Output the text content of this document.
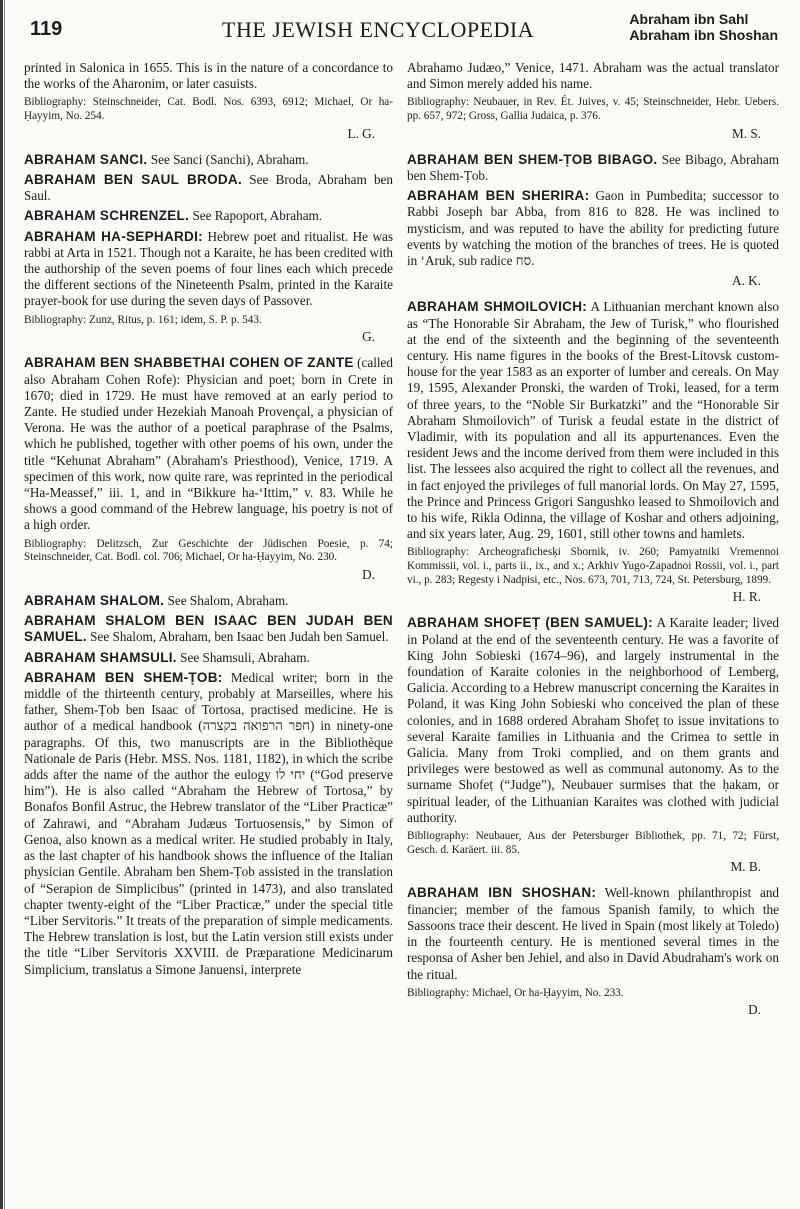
119	THE JEWISH ENCYCLOPEDIA	Abraham ibn Sahl
Abraham ibn Shoshan

printed in Salonica in 1655. This is in the nature of a concordance to the works of the Aharonim, or later casuists.

Bibliography: Steinschneider, Cat. Bodl. Nos. 6393, 6912; Michael, Or ha-Ḥayyim, No. 254.

L. G.

ABRAHAM SANCI. See Sanci (Sanchi), Abraham.

ABRAHAM BEN SAUL BRODA. See Broda, Abraham ben Saul.

ABRAHAM SCHRENZEL. See Rapoport, Abraham.

ABRAHAM HA-SEPHARDI: Hebrew poet and ritualist. He was rabbi at Arta in 1521. Though not a Karaite, he has been credited with the authorship of the seven poems of four lines each which precede the different sections of the Nineteenth Psalm, printed in the Karaite prayer-book for use during the seven days of Passover.

Bibliography: Zunz, Ritus, p. 161; idem, S. P. p. 543.

G.

ABRAHAM BEN SHABBETHAI COHEN OF ZANTE (called also Abraham Cohen Rofe): Physician and poet; born in Crete in 1670; died in 1729. He must have removed at an early period to Zante. He studied under Hezekiah Manoah Provençal, a physician of Verona. He was the author of a poetical paraphrase of the Psalms, which he published, together with other poems of his own, under the title “Kehunat Abraham” (Abraham's Priesthood), Venice, 1719. A specimen of this work, now quite rare, was reprinted in the periodical “Ha-Meassef,” iii. 1, and in “Bikkure ha-‘Ittim,” v. 83. While he shows a good command of the Hebrew language, his poetry is not of a high order.

Bibliography: Delitzsch, Zur Geschichte der Jüdischen Poesie, p. 74; Steinschneider, Cat. Bodl. col. 706; Michael, Or ha-Ḥayyim, No. 230.

D.

ABRAHAM SHALOM. See Shalom, Abraham.

ABRAHAM SHALOM BEN ISAAC BEN JUDAH BEN SAMUEL. See Shalom, Abraham, ben Isaac ben Judah ben Samuel.

ABRAHAM SHAMSULI. See Shamsuli, Abraham.

ABRAHAM BEN SHEM-ṬOB: Medical writer; born in the middle of the thirteenth century, probably at Marseilles, where his father, Shem-Ṭob ben Isaac of Tortosa, practised medicine. He is author of a medical handbook (חפר הרפואה בקצרה) in ninety-one paragraphs. Of this, two manuscripts are in the Bibliothèque Nationale de Paris (Hebr. MSS. Nos. 1181, 1182), in which the scribe adds after the name of the author the eulogy יחי לו (“God preserve him”). He is also called “Abraham the Hebrew of Tortosa,” by Bonafos Bonfil Astruc, the Hebrew translator of the “Liber Practicæ” of Zahrawi, and “Abraham Judæus Tortuosensis,” by Simon of Genoa, also known as a medical writer. He studied probably in Italy, as the last chapter of his handbook shows the influence of the Italian physician Gentile. Abraham ben Shem-Ṭob assisted in the translation of “Serapion de Simplicibus” (printed in 1473), and also translated chapter twenty-eight of the “Liber Practicæ,” under the special title “Liber Servitoris.” It treats of the preparation of simple medicaments. The Hebrew translation is lost, but the Latin version still exists under the title “Liber Servitoris XXVIII. de Præparatione Medicinarum Simplicium, translatus a Simone Januensi, interprete

Abrahamo Judæo,” Venice, 1471. Abraham was the actual translator and Simon merely added his name.

Bibliography: Neubauer, in Rev. Ét. Juives, v. 45; Steinschneider, Hebr. Uebers. pp. 657, 972; Gross, Gallia Judaica, p. 376.

M. S.

ABRAHAM BEN SHEM-ṬOB BIBAGO. See Bibago, Abraham ben Shem-Ṭob.

ABRAHAM BEN SHERIRA: Gaon in Pumbedita; successor to Rabbi Joseph bar Abba, from 816 to 828. He was inclined to mysticism, and was reputed to have the ability for predicting future events by watching the motion of the branches of trees. He is quoted in ‘Aruk, sub radice סח.

A. K.

ABRAHAM SHMOILOVICH: A Lithuanian merchant known also as “The Honorable Sir Abraham, the Jew of Turisk,” who flourished at the end of the sixteenth and the beginning of the seventeenth century. His name figures in the books of the Brest-Litovsk custom-house for the year 1583 as an exporter of lumber and cereals. On May 19, 1595, Alexander Pronski, the warden of Troki, leased, for a term of three years, to the “Noble Sir Burkatzki” and the “Honorable Sir Abraham Shmoilovich” of Turisk a feudal estate in the district of Vladimir, with its population and all its appurtenances. Even the resident Jews and the income derived from them were included in this list. The lessees also acquired the right to collect all the revenues, and in fact enjoyed the privileges of full manorial lords. On May 27, 1595, the Prince and Princess Grigori Sangushko leased to Shmoilovich and to his wife, Rikla Odinna, the village of Koshar and others adjoining, and six years later, Aug. 29, 1601, still other towns and hamlets.

Bibliography: Archeografichesķi Sbornik, iv. 260; Pamyatniki Vremennoi Kommissii, vol. i., parts ii., ix., and x.; Arkhiv Yugo-Zapadnoi Rossii, vol. i., part vi., p. 283; Regesty i Nadpisi, etc., Nos. 673, 701, 713, 724, St. Petersburg, 1899.

H. R.

ABRAHAM SHOFEṬ (BEN SAMUEL): A Karaite leader; lived in Poland at the end of the seventeenth century. He was a favorite of King John Sobieski (1674–96), and largely instrumental in the foundation of Karaite colonies in the neighborhood of Lemberg, Galicia. According to a Hebrew manuscript concerning the Karaites in Poland, it was King John Sobieski who conceived the plan of these colonies, and in 1688 ordered Abraham Shofeṭ to issue invitations to several Karaite families in Lithuania and the Crimea to settle in Galicia. Many from Troki complied, and on them grants and privileges were bestowed as well as communal autonomy. As to the surname Shofeṭ (“Judge”), Neubauer surmises that the ḥakam, or spiritual leader, of the Lithuanian Karaites was clothed with judicial authority.

Bibliography: Neubauer, Aus der Petersburger Bibliothek, pp. 71, 72; Fürst, Gesch. d. Karäert. iii. 85.

M. B.

ABRAHAM IBN SHOSHAN: Well-known philanthropist and financier; member of the famous Spanish family, to which the Sassoons trace their descent. He lived in Spain (most likely at Toledo) in the fourteenth century. He is mentioned several times in the responsa of Asher ben Jehiel, and also in David Abudraham's work on the ritual.

Bibliography: Michael, Or ha-Ḥayyim, No. 233.

D.
